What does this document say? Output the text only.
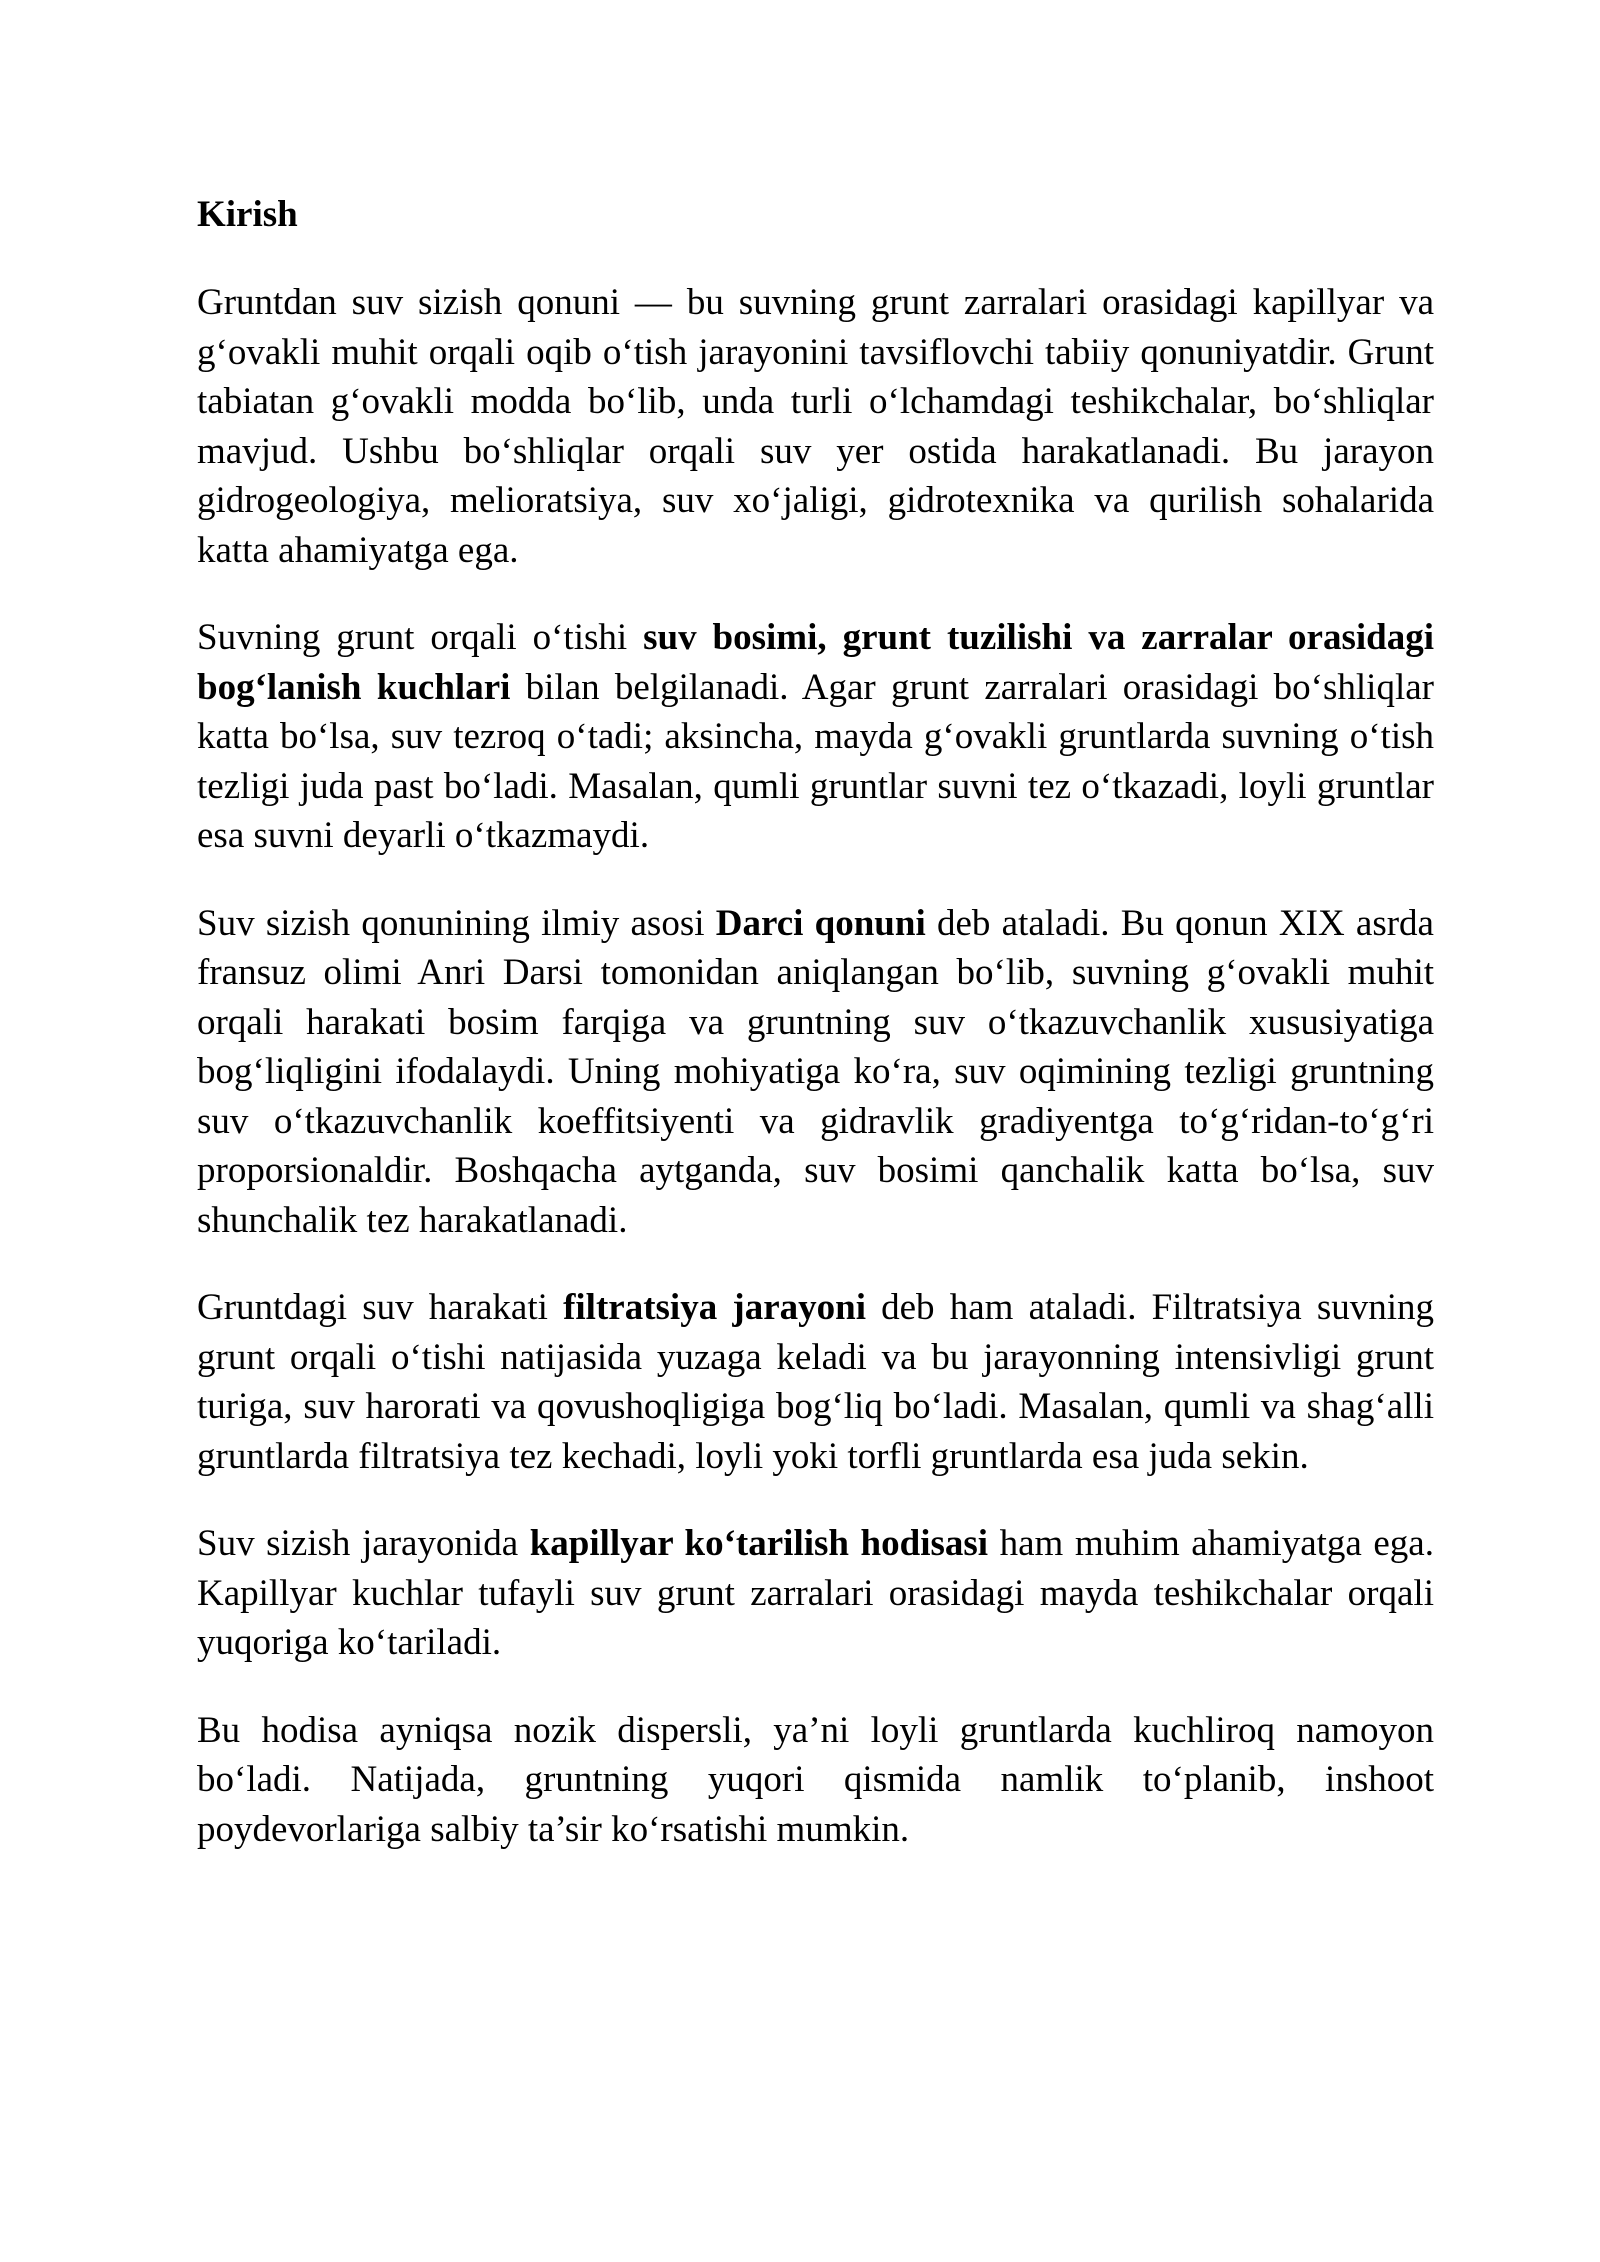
Kirish

Gruntdan suv sizish qonuni — bu suvning grunt zarralari orasidagi kapillyar va g‘ovakli muhit orqali oqib o‘tish jarayonini tavsiflovchi tabiiy qonuniyatdir. Grunt tabiatan g‘ovakli modda bo‘lib, unda turli o‘lchamdagi teshikchalar, bo‘shliqlar mavjud. Ushbu bo‘shliqlar orqali suv yer ostida harakatlanadi. Bu jarayon gidrogeologiya, melioratsiya, suv xo‘jaligi, gidrotexnika va qurilish sohalarida katta ahamiyatga ega.

Suvning grunt orqali o‘tishi suv bosimi, grunt tuzilishi va zarralar orasidagi bog‘lanish kuchlari bilan belgilanadi. Agar grunt zarralari orasidagi bo‘shliqlar katta bo‘lsa, suv tezroq o‘tadi; aksincha, mayda g‘ovakli gruntlarda suvning o‘tish tezligi juda past bo‘ladi. Masalan, qumli gruntlar suvni tez o‘tkazadi, loyli gruntlar esa suvni deyarli o‘tkazmaydi.

Suv sizish qonunining ilmiy asosi Darci qonuni deb ataladi. Bu qonun XIX asrda fransuz olimi Anri Darsi tomonidan aniqlangan bo‘lib, suvning g‘ovakli muhit orqali harakati bosim farqiga va gruntning suv o‘tkazuvchanlik xususiyatiga bog‘liqligini ifodalaydi. Uning mohiyatiga ko‘ra, suv oqimining tezligi gruntning suv o‘tkazuvchanlik koeffitsiyenti va gidravlik gradiyentga to‘g‘ridan-to‘g‘ri proporsionaldir. Boshqacha aytganda, suv bosimi qanchalik katta bo‘lsa, suv shunchalik tez harakatlanadi.

Gruntdagi suv harakati filtratsiya jarayoni deb ham ataladi. Filtratsiya suvning grunt orqali o‘tishi natijasida yuzaga keladi va bu jarayonning intensivligi grunt turiga, suv harorati va qovushoqligiga bog‘liq bo‘ladi. Masalan, qumli va shag‘alli gruntlarda filtratsiya tez kechadi, loyli yoki torfli gruntlarda esa juda sekin.

Suv sizish jarayonida kapillyar ko‘tarilish hodisasi ham muhim ahamiyatga ega. Kapillyar kuchlar tufayli suv grunt zarralari orasidagi mayda teshikchalar orqali yuqoriga ko‘tariladi.

Bu hodisa ayniqsa nozik dispersli, ya’ni loyli gruntlarda kuchliroq namoyon bo‘ladi. Natijada, gruntning yuqori qismida namlik to‘planib, inshoot poydevorlariga salbiy ta’sir ko‘rsatishi mumkin.
